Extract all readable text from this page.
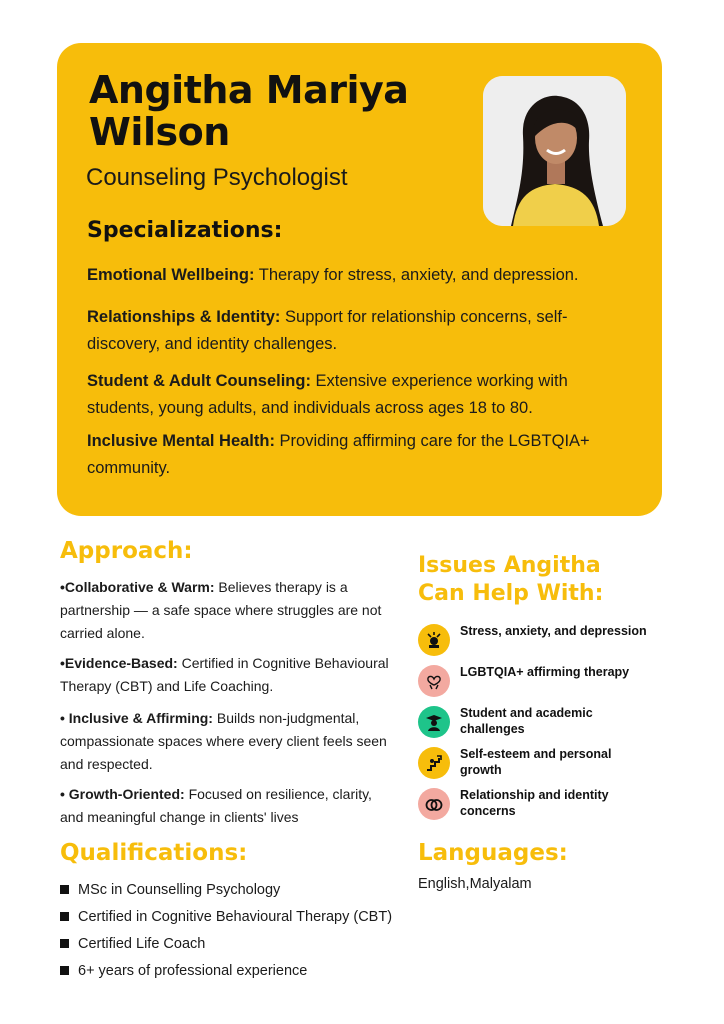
Angitha Mariya Wilson

Counseling Psychologist

Specializations:

Emotional Wellbeing: Therapy for stress, anxiety, and depression.

Relationships & Identity: Support for relationship concerns, self-discovery, and identity challenges.

Student & Adult Counseling: Extensive experience working with students, young adults, and individuals across ages 18 to 80.

Inclusive Mental Health: Providing affirming care for the LGBTQIA+ community.

Approach:

•Collaborative & Warm: Believes therapy is a partnership — a safe space where struggles are not carried alone.

•Evidence-Based: Certified in Cognitive Behavioural Therapy (CBT) and Life Coaching.

• Inclusive & Affirming: Builds non-judgmental, compassionate spaces where every client feels seen and respected.

• Growth-Oriented: Focused on resilience, clarity, and meaningful change in clients' lives

Issues Angitha
Can Help With:

Stress, anxiety, and depression

LGBTQIA+ affirming therapy

Student and academic challenges

Self-esteem and personal growth

Relationship and identity concerns

Qualifications:
MSc in Counselling Psychology
Certified in Cognitive Behavioural Therapy (CBT)
Certified Life Coach
6+ years of professional experience
Languages:

English,Malyalam
